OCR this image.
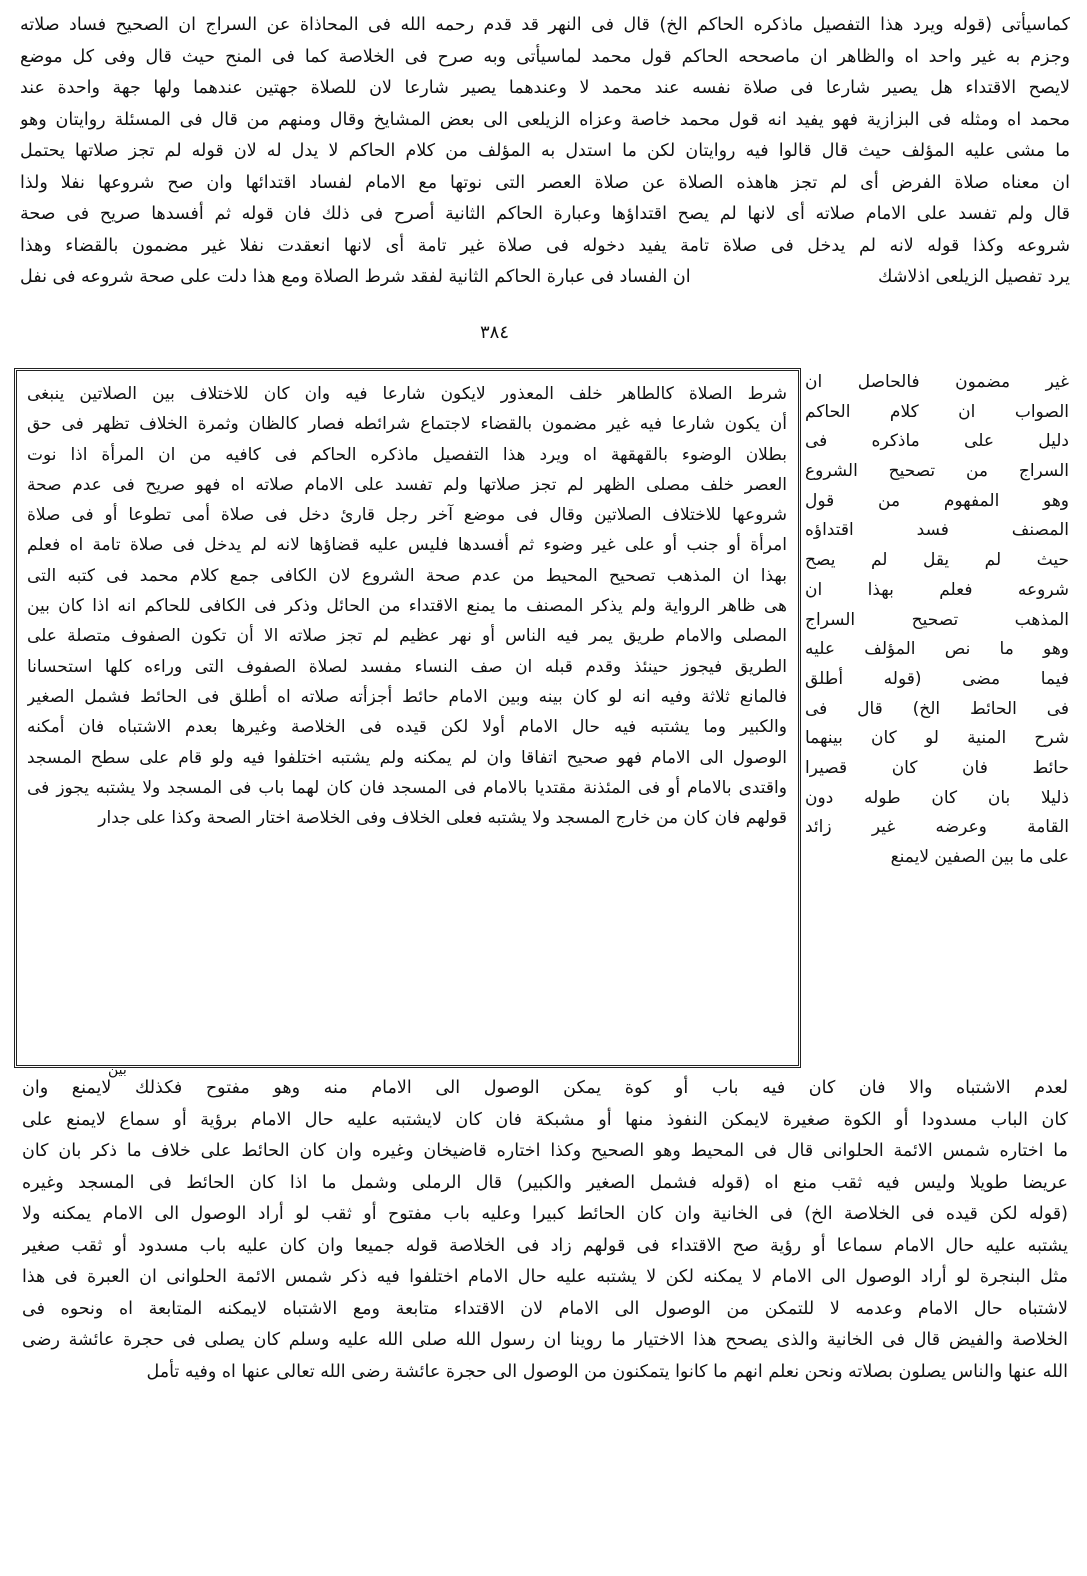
كماسيأتى (قوله ويرد هذا التفصيل ماذكره الحاكم الخ) قال فى النهر قد قدم رحمه الله فى المحاذاة عن السراج ان الصحيح فساد صلاته
وجزم به غير واحد اه والظاهر ان ماصححه الحاكم قول محمد لماسيأتى وبه صرح فى الخلاصة كما فى المنح حيث قال وفى كل موضع
لايصح الاقتداء هل يصير شارعا فى صلاة نفسه عند محمد لا وعندهما يصير شارعا لان للصلاة جهتين عندهما ولها جهة واحدة عند
محمد اه ومثله فى البزازية فهو يفيد انه قول محمد خاصة وعزاه الزيلعى الى بعض المشايخ وقال ومنهم من قال فى المسئلة روايتان وهو
ما مشى عليه المؤلف حيث قال قالوا فيه روايتان لكن ما استدل به المؤلف من كلام الحاكم لا يدل له لان قوله لم تجز صلاتها يحتمل
ان معناه صلاة الفرض أى لم تجز هاهذه الصلاة عن صلاة العصر التى نوتها مع الامام لفساد اقتدائها وان صح شروعها نفلا ولذا
قال ولم تفسد على الامام صلاته أى لانها لم يصح اقتداؤها وعبارة الحاكم الثانية أصرح فى ذلك فان قوله ثم أفسدها صريح فى صحة
شروعه وكذا قوله لانه لم يدخل فى صلاة تامة يفيد دخوله فى صلاة غير تامة أى لانها انعقدت نفلا غير مضمون بالقضاء وهذا
يرد تفصيل الزيلعى اذلاشك
ان الفساد فى عبارة الحاكم الثانية لفقد شرط الصلاة ومع هذا دلت على صحة شروعه فى نفل
٣٨٤
شرط الصلاة كالطاهر خلف المعذور لايكون شارعا فيه وان كان للاختلاف بين الصلاتين ينبغى
أن يكون شارعا فيه غير مضمون بالقضاء لاجتماع شرائطه فصار كالظان وثمرة الخلاف تظهر فى حق
بطلان الوضوء بالقهقهة اه ويرد هذا التفصيل ماذكره الحاكم فى كافيه من ان المرأة اذا نوت
العصر خلف مصلى الظهر لم تجز صلاتها ولم تفسد على الامام صلاته اه فهو صريح فى عدم صحة
شروعها للاختلاف الصلاتين وقال فى موضع آخر رجل قارئ دخل فى صلاة أمى تطوعا أو فى صلاة
امرأة أو جنب أو على غير وضوء ثم أفسدها فليس عليه قضاؤها لانه لم يدخل فى صلاة تامة اه فعلم
بهذا ان المذهب تصحيح المحيط من عدم صحة الشروع لان الكافى جمع كلام محمد فى كتبه التى
هى ظاهر الرواية ولم يذكر المصنف ما يمنع الاقتداء من الحائل وذكر فى الكافى للحاكم انه اذا كان بين
المصلى والامام طريق يمر فيه الناس أو نهر عظيم لم تجز صلاته الا أن تكون الصفوف متصلة على
الطريق فيجوز حينئذ وقدم قبله ان صف النساء مفسد لصلاة الصفوف التى وراءه كلها استحسانا
فالمانع ثلاثة وفيه انه لو كان بينه وبين الامام حائط أجزأته صلاته اه أطلق فى الحائط فشمل الصغير
والكبير وما يشتبه فيه حال الامام أولا لكن قيده فى الخلاصة وغيرها بعدم الاشتباه فان أمكنه
الوصول الى الامام فهو صحيح اتفاقا وان لم يمكنه ولم يشتبه اختلفوا فيه ولو قام على سطح المسجد
واقتدى بالامام أو فى المئذنة مقتديا بالامام فى المسجد فان كان لهما باب فى المسجد ولا يشتبه يجوز فى
قولهم فان كان من خارج المسجد ولا يشتبه فعلى الخلاف وفى الخلاصة اختار الصحة وكذا على جدار
غير مضمون فالحاصل ان
الصواب ان كلام الحاكم
دليل على ماذكره فى
السراج من تصحيح الشروع
وهو المفهوم من قول
المصنف فسد اقتداؤه
حيث لم يقل لم يصح
شروعه فعلم بهذا ان
المذهب تصحيح السراج
وهو ما نص المؤلف عليه
فيما مضى (قوله أطلق
فى الحائط الخ) قال فى
شرح المنية لو كان بينهما
حائط فان كان قصيرا
ذليلا بان كان طوله دون
القامة وعرضه غير زائد
على ما بين الصفين لايمنع
بين
لعدم الاشتباه والا فان كان فيه باب أو كوة يمكن الوصول الى الامام منه وهو مفتوح فكذلك لايمنع وان
كان الباب مسدودا أو الكوة صغيرة لايمكن النفوذ منها أو مشبكة فان كان لايشتبه عليه حال الامام برؤية أو سماع لايمنع على
ما اختاره شمس الائمة الحلوانى قال فى المحيط وهو الصحيح وكذا اختاره قاضيخان وغيره وان كان الحائط على خلاف ما ذكر بان كان
عريضا طويلا وليس فيه ثقب منع اه (قوله فشمل الصغير والكبير) قال الرملى وشمل ما اذا كان الحائط فى المسجد وغيره
(قوله لكن قيده فى الخلاصة الخ) فى الخانية وان كان الحائط كبيرا وعليه باب مفتوح أو ثقب لو أراد الوصول الى الامام يمكنه ولا
يشتبه عليه حال الامام سماعا أو رؤية صح الاقتداء فى قولهم زاد فى الخلاصة قوله جميعا وان كان عليه باب مسدود أو ثقب صغير
مثل البنجرة لو أراد الوصول الى الامام لا يمكنه لكن لا يشتبه عليه حال الامام اختلفوا فيه ذكر شمس الائمة الحلوانى ان العبرة فى هذا
لاشتباه حال الامام وعدمه لا للتمكن من الوصول الى الامام لان الاقتداء متابعة ومع الاشتباه لايمكنه المتابعة اه ونحوه فى
الخلاصة والفيض قال فى الخانية والذى يصحح هذا الاختيار ما روينا ان رسول الله صلى الله عليه وسلم كان يصلى فى حجرة عائشة رضى
الله عنها والناس يصلون بصلاته ونحن نعلم انهم ما كانوا يتمكنون من الوصول الى حجرة عائشة رضى الله تعالى عنها اه وفيه تأمل
